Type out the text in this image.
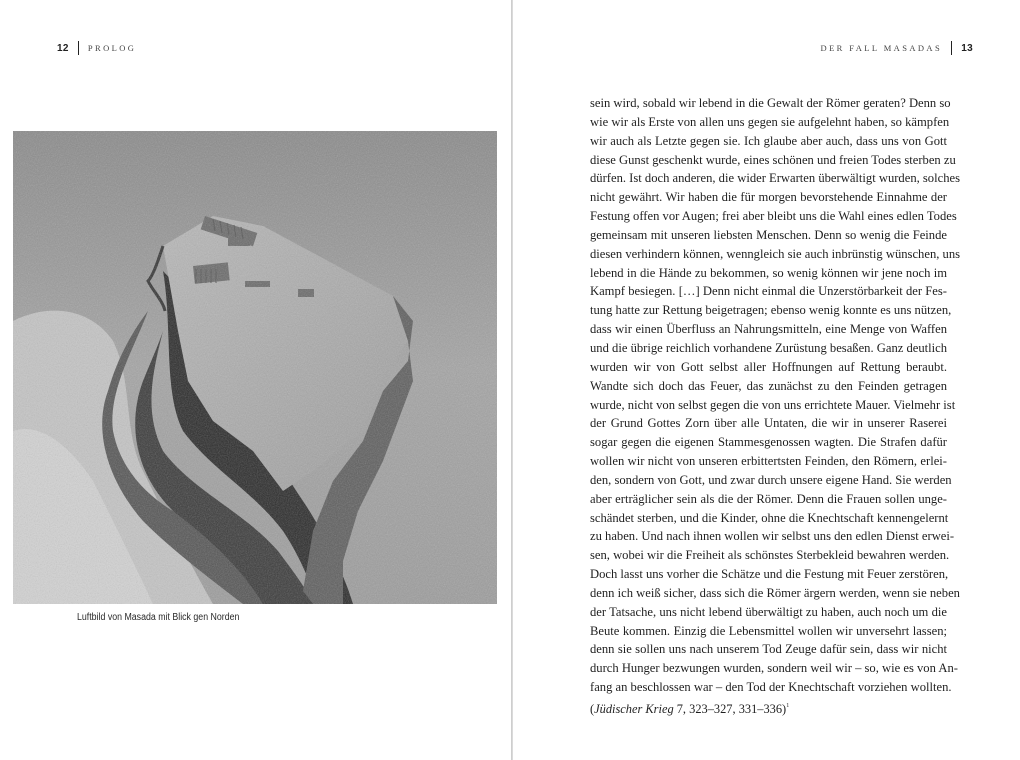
12 PROLOG
Luftbild von Masada mit Blick gen Norden
DER FALL MASADAS 13
sein wird, sobald wir lebend in die Gewalt der Römer geraten? Denn so
wie wir als Erste von allen uns gegen sie aufgelehnt haben, so kämpfen
wir auch als Letzte gegen sie. Ich glaube aber auch, dass uns von Gott
diese Gunst geschenkt wurde, eines schönen und freien Todes sterben zu
dürfen. Ist doch anderen, die wider Erwarten überwältigt wurden, solches
nicht gewährt. Wir haben die für morgen bevorstehende Einnahme der
Festung offen vor Augen; frei aber bleibt uns die Wahl eines edlen Todes
gemeinsam mit unseren liebsten Menschen. Denn so wenig die Feinde
diesen verhindern können, wenngleich sie auch inbrünstig wünschen, uns
lebend in die Hände zu bekommen, so wenig können wir jene noch im
Kampf besiegen. […] Denn nicht einmal die Unzerstörbarkeit der Fes-
tung hatte zur Rettung beigetragen; ebenso wenig konnte es uns nützen,
dass wir einen Überfluss an Nahrungsmitteln, eine Menge von Waffen
und die übrige reichlich vorhandene Zurüstung besaßen. Ganz deutlich
wurden wir von Gott selbst aller Hoffnungen auf Rettung beraubt.
Wandte sich doch das Feuer, das zunächst zu den Feinden getragen
wurde, nicht von selbst gegen die von uns errichtete Mauer. Vielmehr ist
der Grund Gottes Zorn über alle Untaten, die wir in unserer Raserei
sogar gegen die eigenen Stammesgenossen wagten. Die Strafen dafür
wollen wir nicht von unseren erbittertsten Feinden, den Römern, erlei-
den, sondern von Gott, und zwar durch unsere eigene Hand. Sie werden
aber erträglicher sein als die der Römer. Denn die Frauen sollen unge-
schändet sterben, und die Kinder, ohne die Knechtschaft kennengelernt
zu haben. Und nach ihnen wollen wir selbst uns den edlen Dienst erwei-
sen, wobei wir die Freiheit als schönstes Sterbekleid bewahren werden.
Doch lasst uns vorher die Schätze und die Festung mit Feuer zerstören,
denn ich weiß sicher, dass sich die Römer ärgern werden, wenn sie neben
der Tatsache, uns nicht lebend überwältigt zu haben, auch noch um die
Beute kommen. Einzig die Lebensmittel wollen wir unversehrt lassen;
denn sie sollen uns nach unserem Tod Zeuge dafür sein, dass wir nicht
durch Hunger bezwungen wurden, sondern weil wir – so, wie es von An-
fang an beschlossen war – den Tod der Knechtschaft vorziehen wollten.
(Jüdischer Krieg 7, 323–327, 331–336)$^1$
